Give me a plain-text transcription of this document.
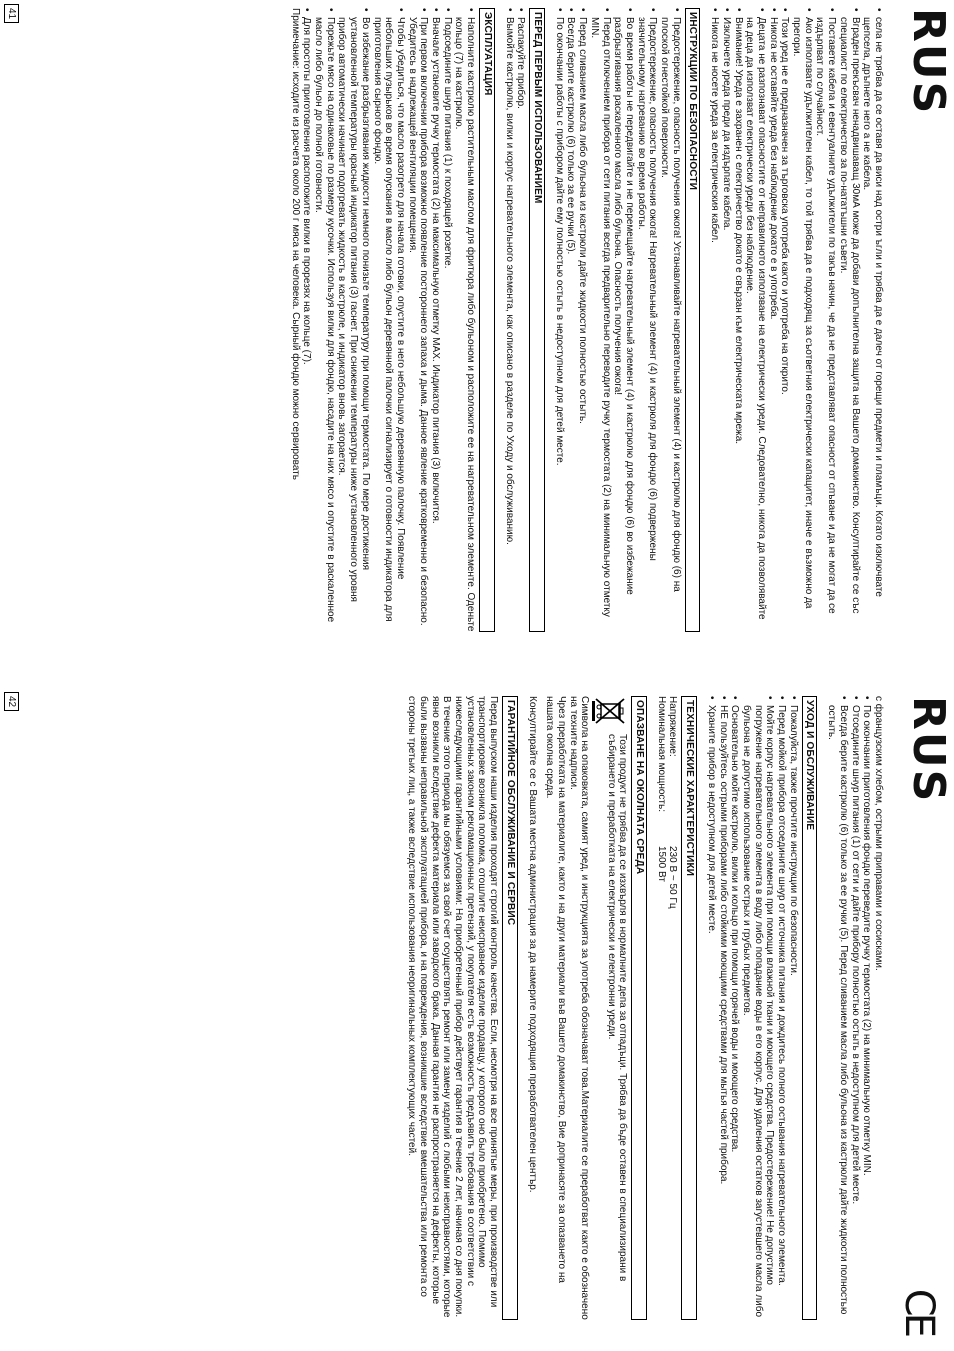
RUS
• села не трябва да се оставя да виси над остри ъгли и трябва да е далеч от горещи предмети и пламъци. Когато изключвате щепсела, дръпнете него а не кабела.
• Вграден прекъсвач ненадвишаващ 30мА може да добави допълнителна защита на Вашето домакинство. Консултирайте се със специалист по електричество за по-нататъшни съвети.
• Поставете кабела и евентуалните удължители по такъв начин, че да не представляват опасност от спъване и да не могат да се издърпват по случайност.
• Ако използвате удължителен кабел, то той трябва да е подходящ за съответния електрически капацитет, иначе е възможно да прегори.
• Този уред не е предназначен за търговска употреба както и употреба на открито.
• Никога не оставяйте уреда без наблюдение докато е в употреба.
• Децата не разпознават опасностите от неправилното използване на електрически уреди. Следователно, никога да позволявайте на деца да използват електрически уреди без наблюдение.
• Внимание! Уреда е захранен с електричество докато е свързан към електрическата мрежа.
• Изключете уреда преди да издърпате кабела.
• Никога не носете уреда за електрическия кабел.
ИНСТРУКЦИИ ПО БЕЗОПАСНОСТИ
• Предостережение, опасность получения ожога! Устанавливайте нагревательный элемент (4) и кастрюлю для фондю (6) на плоской огнестойкой поверхности.
• Предостережение, опасность получения ожога! Нагревательный элемент (4) и кастрюля для фондю (6) подвержены значительному нагреванию во время работы.
• Во время работы не передвигайте и не перемещайте нагревательный элемент (4) и кастрюлю для фондю (6) во избежание разбрызгивания раскаленного масла либо бульона. Опасность получения ожога!
• Перед отключением прибора от сети питания всегда предварительно переводите ручку термостата (2) на минимальную отметку MIN.
• Перед сливанием масла либо бульона из кастрюли дайте жидкости полностью остыть.
• Всегда берите кастрюлю (6) только за ее ручки (5).
• По окончании работы с прибором дайте ему полностью остыть в недоступном для детей месте.
ПЕРЕД ПЕРВЫМ ИСПОЛЬЗОВАНИЕМ
• Распакуйте прибор.
• Вымойте кастрюлю, вилки и корпус нагревательного элемента, как описано в разделе по Уходу и обслуживанию.
ЭКСПЛУАТАЦИЯ
• Наполните кастрюлю растительным маслом для фритюра либо бульоном и расположите ее на нагревательном элементе. Оденьте кольцо (7) на кастрюлю.
• Подсоедините шнур питания (1) к походящей розетке.
• Вначале установите ручку термостата (2) на максимальную отметку MAX. Индикатор питания (3) включится.
• При первом включении прибора возможно появление постороннего запаха и дыма. Данное явление кратковременно и безопасно. Убедитесь в надлежащей вентиляции помещения.
• Чтобы убедиться, что масло разогрето для начала готовки, опустите в него небольшую деревянную палочку. Появление небольших пузырьков во время опускания в масло либо бульон деревянной палочки сигнализирует о готовности индикатора для приготовления сырного фондю.
• Во избежание разбрызгивания жидкости немного понизьте температуру при помощи термостата. По мере достижения установленной температуры красный индикатор питания (3) гаснет. При снижении температуры ниже установленного уровня прибор автоматически начинает подогревать жидкость в кастрюле, и индикатор вновь загорается.
• Порежьте мясо на одинаковые по размеру кусочки. Используя вилки для фондю, насадите на них мясо и опустите в раскаленное масло либо бульон до полной готовности.
• Для простоты приготовления расположите вилки в прорезях на кольце (7).

Примечание: исходите из расчета около 200 г мяса на человека. Сырный фондю можно сервировать

41
RUS
CE

с французским хлебом, острыми приправами и сосисками.

• По окончании приготовления фондю переведите ручку термостата (2) на минимальную отметку MIN.
• Отсоедините шнур питания (1) от сети и дайте прибору полностью остыть в недоступном для детей месте.
• Всегда берите кастрюлю (6) только за ее ручки (5). Перед сливанием масла либо бульона из кастрюли дайте жидкости полностью остыть.
УХОД И ОБСЛУЖИВАНИЕ
• Пожалуйста, также прочтите инструкции по безопасности.
• Перед мойкой прибора отсоедините шнур от источника питания и дождитесь полного остывания нагревательного элемента.
• Мойте корпус нагревательного элемента при помощи влажной ткани и моющего средства. Предостережение! Не допустимо погружение нагревательного элемента в воду либо попадание воды в его корпус. Для удаления остатков загустевшего масла либо бульона не допустимо использование острых и грубых предметов.
• Основательно мойте кастрюлю, вилки и кольцо при помощи горячей воды и моющего средства.
• НЕ пользуйтесь острыми приборами либо стойкими моющими средствами для мытья частей прибора.
• Храните прибор в недоступном для детей месте.
ТЕХНИЧЕСКИЕ ХАРАКТЕРИСТИКИ
Напряжение:
230 В ~ 50 Гц
Номинальная мощность:
1500 Вт
ОПАЗВАНЕ НА ОКОЛНАТА СРЕДА
Този продукт не трябва да се изхвърля в нормалните депа за отпадъци. Трябва да бъде оставен в специализирани в събирането и преработката на електрически и електронни уреди.

Символа на опаковката, самият уред, и инструкцията за употреба обозначават това.Материалите се преработват както е обозначено на техните надписи.

Чрез преработката на материалите, както и на други материали във Вашето домакинство, Вие допринасяте за опазването на нашата околна среда.

Консултирайте се с Вашата местна администрация за да намерите подходящия преработвателен център.

ГАРАНТИЙНОЕ ОБСЛУЖИВАНИЕ И СЕРВИС

Перед выпуском наши изделия проходят строгий контроль качества. Если, несмотря на все принятые меры, при производстве или транспортировке возникла поломка, отошлите неисправное изделие продавцу, у которого оно было приобретено. Помимо установленных законом рекламационных претензий, у покупателя есть возможность предъявить требования в соответствии с нижеследующими гарантийными условиями: На приобретенный прибор действует гарантия в течение 2 лет, начиная со дня покупки. В течение этого периода мы обязуемся за свой счет осуществлять ремонт или замену изделий с любыми неисправностями, которые явно возникли вследствие дефекта материала или заводского брака. Данная гарантия не распространяется на дефекты, которые были вызваны неправильной эксплуатацией прибора, и на повреждения, возникшие вследствие вмешательства или ремонта со стороны третьих лиц, а также вследствие использования неоригинальных комплектующих частей.

42
